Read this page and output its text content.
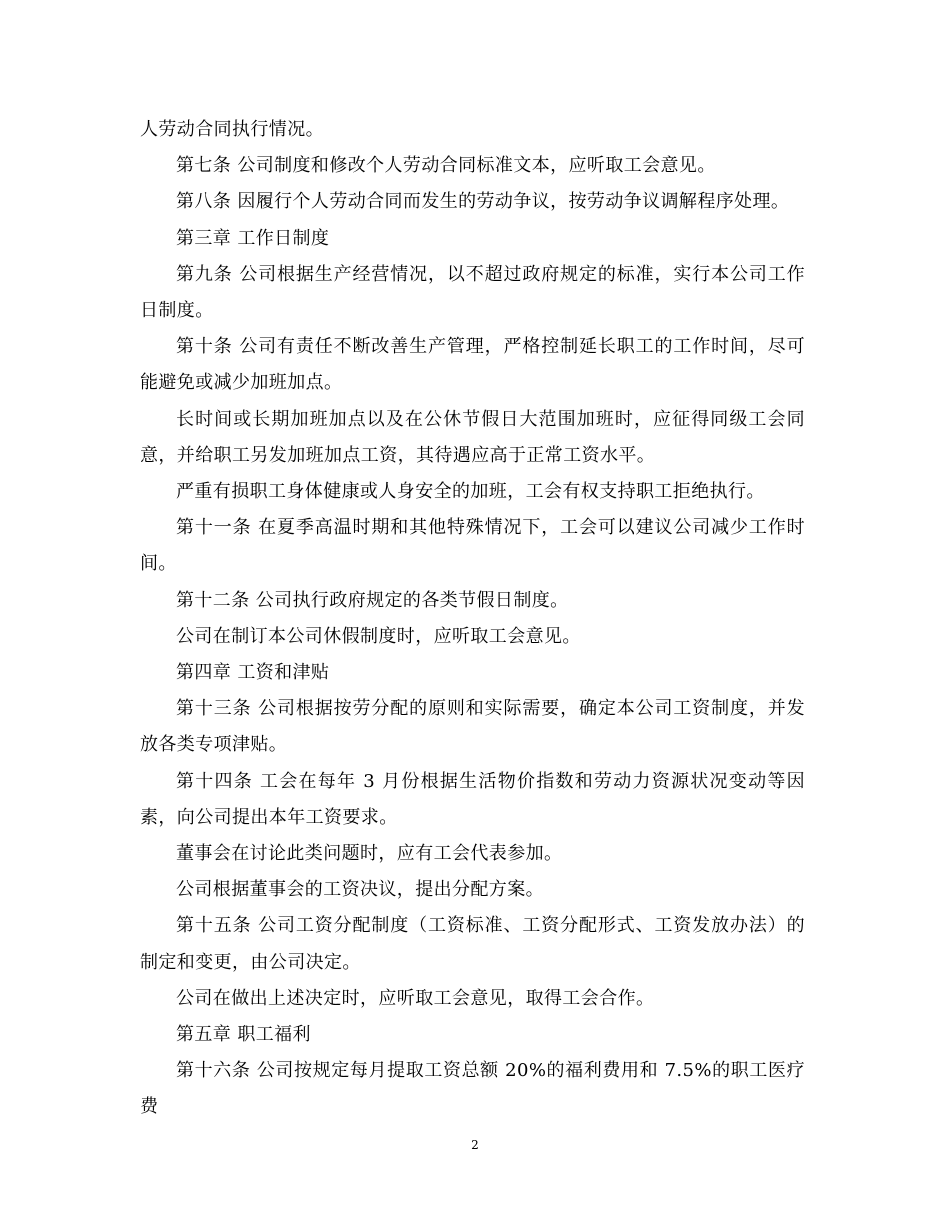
人劳动合同执行情况。

第七条 公司制度和修改个人劳动合同标准文本，应听取工会意见。

第八条 因履行个人劳动合同而发生的劳动争议，按劳动争议调解程序处理。

第三章 工作日制度

第九条 公司根据生产经营情况，以不超过政府规定的标准，实行本公司工作日制度。

第十条 公司有责任不断改善生产管理，严格控制延长职工的工作时间，尽可能避免或减少加班加点。

长时间或长期加班加点以及在公休节假日大范围加班时，应征得同级工会同意，并给职工另发加班加点工资，其待遇应高于正常工资水平。

严重有损职工身体健康或人身安全的加班，工会有权支持职工拒绝执行。

第十一条 在夏季高温时期和其他特殊情况下，工会可以建议公司减少工作时间。

第十二条 公司执行政府规定的各类节假日制度。

公司在制订本公司休假制度时，应听取工会意见。

第四章 工资和津贴

第十三条 公司根据按劳分配的原则和实际需要，确定本公司工资制度，并发放各类专项津贴。

第十四条 工会在每年 3 月份根据生活物价指数和劳动力资源状况变动等因素，向公司提出本年工资要求。

董事会在讨论此类问题时，应有工会代表参加。

公司根据董事会的工资决议，提出分配方案。

第十五条 公司工资分配制度（工资标准、工资分配形式、工资发放办法）的制定和变更，由公司决定。

公司在做出上述决定时，应听取工会意见，取得工会合作。

第五章 职工福利

第十六条 公司按规定每月提取工资总额 20%的福利费用和 7.5%的职工医疗费

2
